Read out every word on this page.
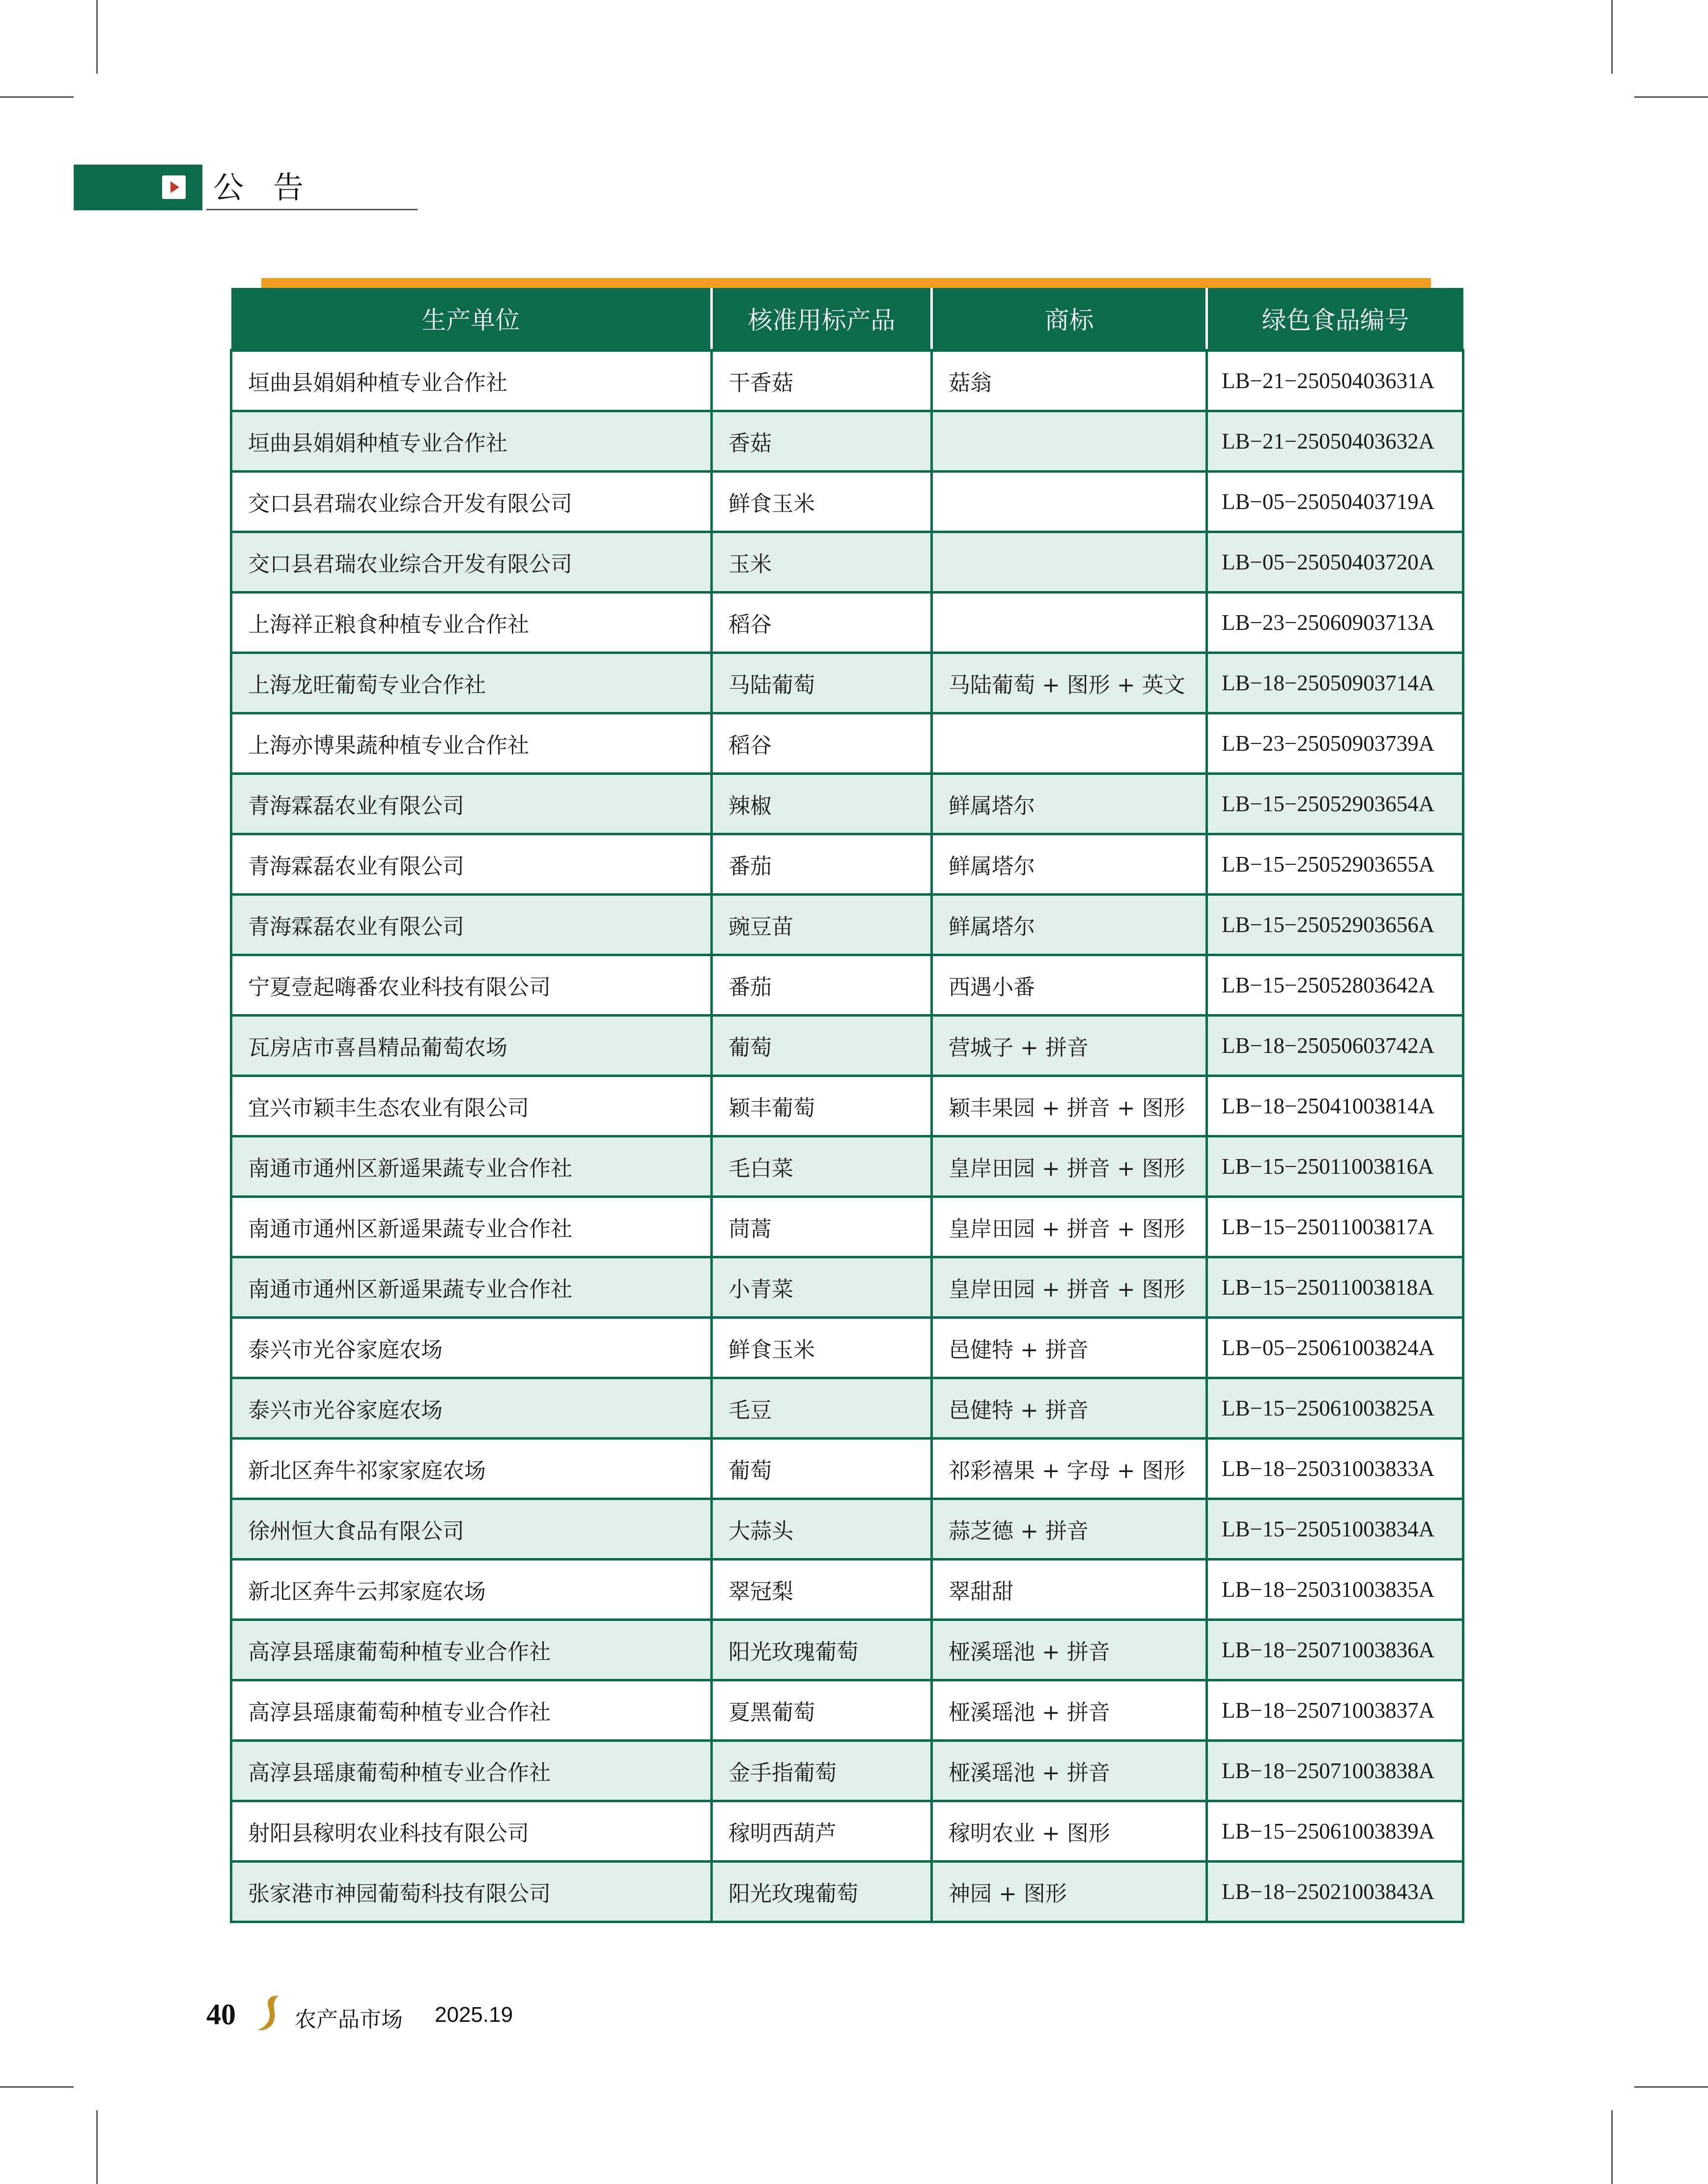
公告
生产单位	核准用标产品	商标	绿色食品编号
垣曲县娟娟种植专业合作社	干香菇	菇翁	LB−21−25050403631A
垣曲县娟娟种植专业合作社	香菇		LB−21−25050403632A
交口县君瑞农业综合开发有限公司	鲜食玉米		LB−05−25050403719A
交口县君瑞农业综合开发有限公司	玉米		LB−05−25050403720A
上海祥正粮食种植专业合作社	稻谷		LB−23−25060903713A
上海龙旺葡萄专业合作社	马陆葡萄	马陆葡萄 + 图形 + 英文	LB−18−25050903714A
上海亦博果蔬种植专业合作社	稻谷		LB−23−25050903739A
青海霖磊农业有限公司	辣椒	鲜属塔尔	LB−15−25052903654A
青海霖磊农业有限公司	番茄	鲜属塔尔	LB−15−25052903655A
青海霖磊农业有限公司	豌豆苗	鲜属塔尔	LB−15−25052903656A
宁夏壹起嗨番农业科技有限公司	番茄	西遇小番	LB−15−25052803642A
瓦房店市喜昌精品葡萄农场	葡萄	营城子 + 拼音	LB−18−25050603742A
宜兴市颖丰生态农业有限公司	颖丰葡萄	颖丰果园 + 拼音 + 图形	LB−18−25041003814A
南通市通州区新遥果蔬专业合作社	毛白菜	皇岸田园 + 拼音 + 图形	LB−15−25011003816A
南通市通州区新遥果蔬专业合作社	茼蒿	皇岸田园 + 拼音 + 图形	LB−15−25011003817A
南通市通州区新遥果蔬专业合作社	小青菜	皇岸田园 + 拼音 + 图形	LB−15−25011003818A
泰兴市光谷家庭农场	鲜食玉米	邑健特 + 拼音	LB−05−25061003824A
泰兴市光谷家庭农场	毛豆	邑健特 + 拼音	LB−15−25061003825A
新北区奔牛祁家家庭农场	葡萄	祁彩禧果 + 字母 + 图形	LB−18−25031003833A
徐州恒大食品有限公司	大蒜头	蒜芝德 + 拼音	LB−15−25051003834A
新北区奔牛云邦家庭农场	翠冠梨	翠甜甜	LB−18−25031003835A
高淳县瑶康葡萄种植专业合作社	阳光玫瑰葡萄	桠溪瑶池 + 拼音	LB−18−25071003836A
高淳县瑶康葡萄种植专业合作社	夏黑葡萄	桠溪瑶池 + 拼音	LB−18−25071003837A
高淳县瑶康葡萄种植专业合作社	金手指葡萄	桠溪瑶池 + 拼音	LB−18−25071003838A
射阳县稼明农业科技有限公司	稼明西葫芦	稼明农业 + 图形	LB−15−25061003839A
张家港市神园葡萄科技有限公司	阳光玫瑰葡萄	神园 + 图形	LB−18−25021003843A
40	农产品市场 2025.19
